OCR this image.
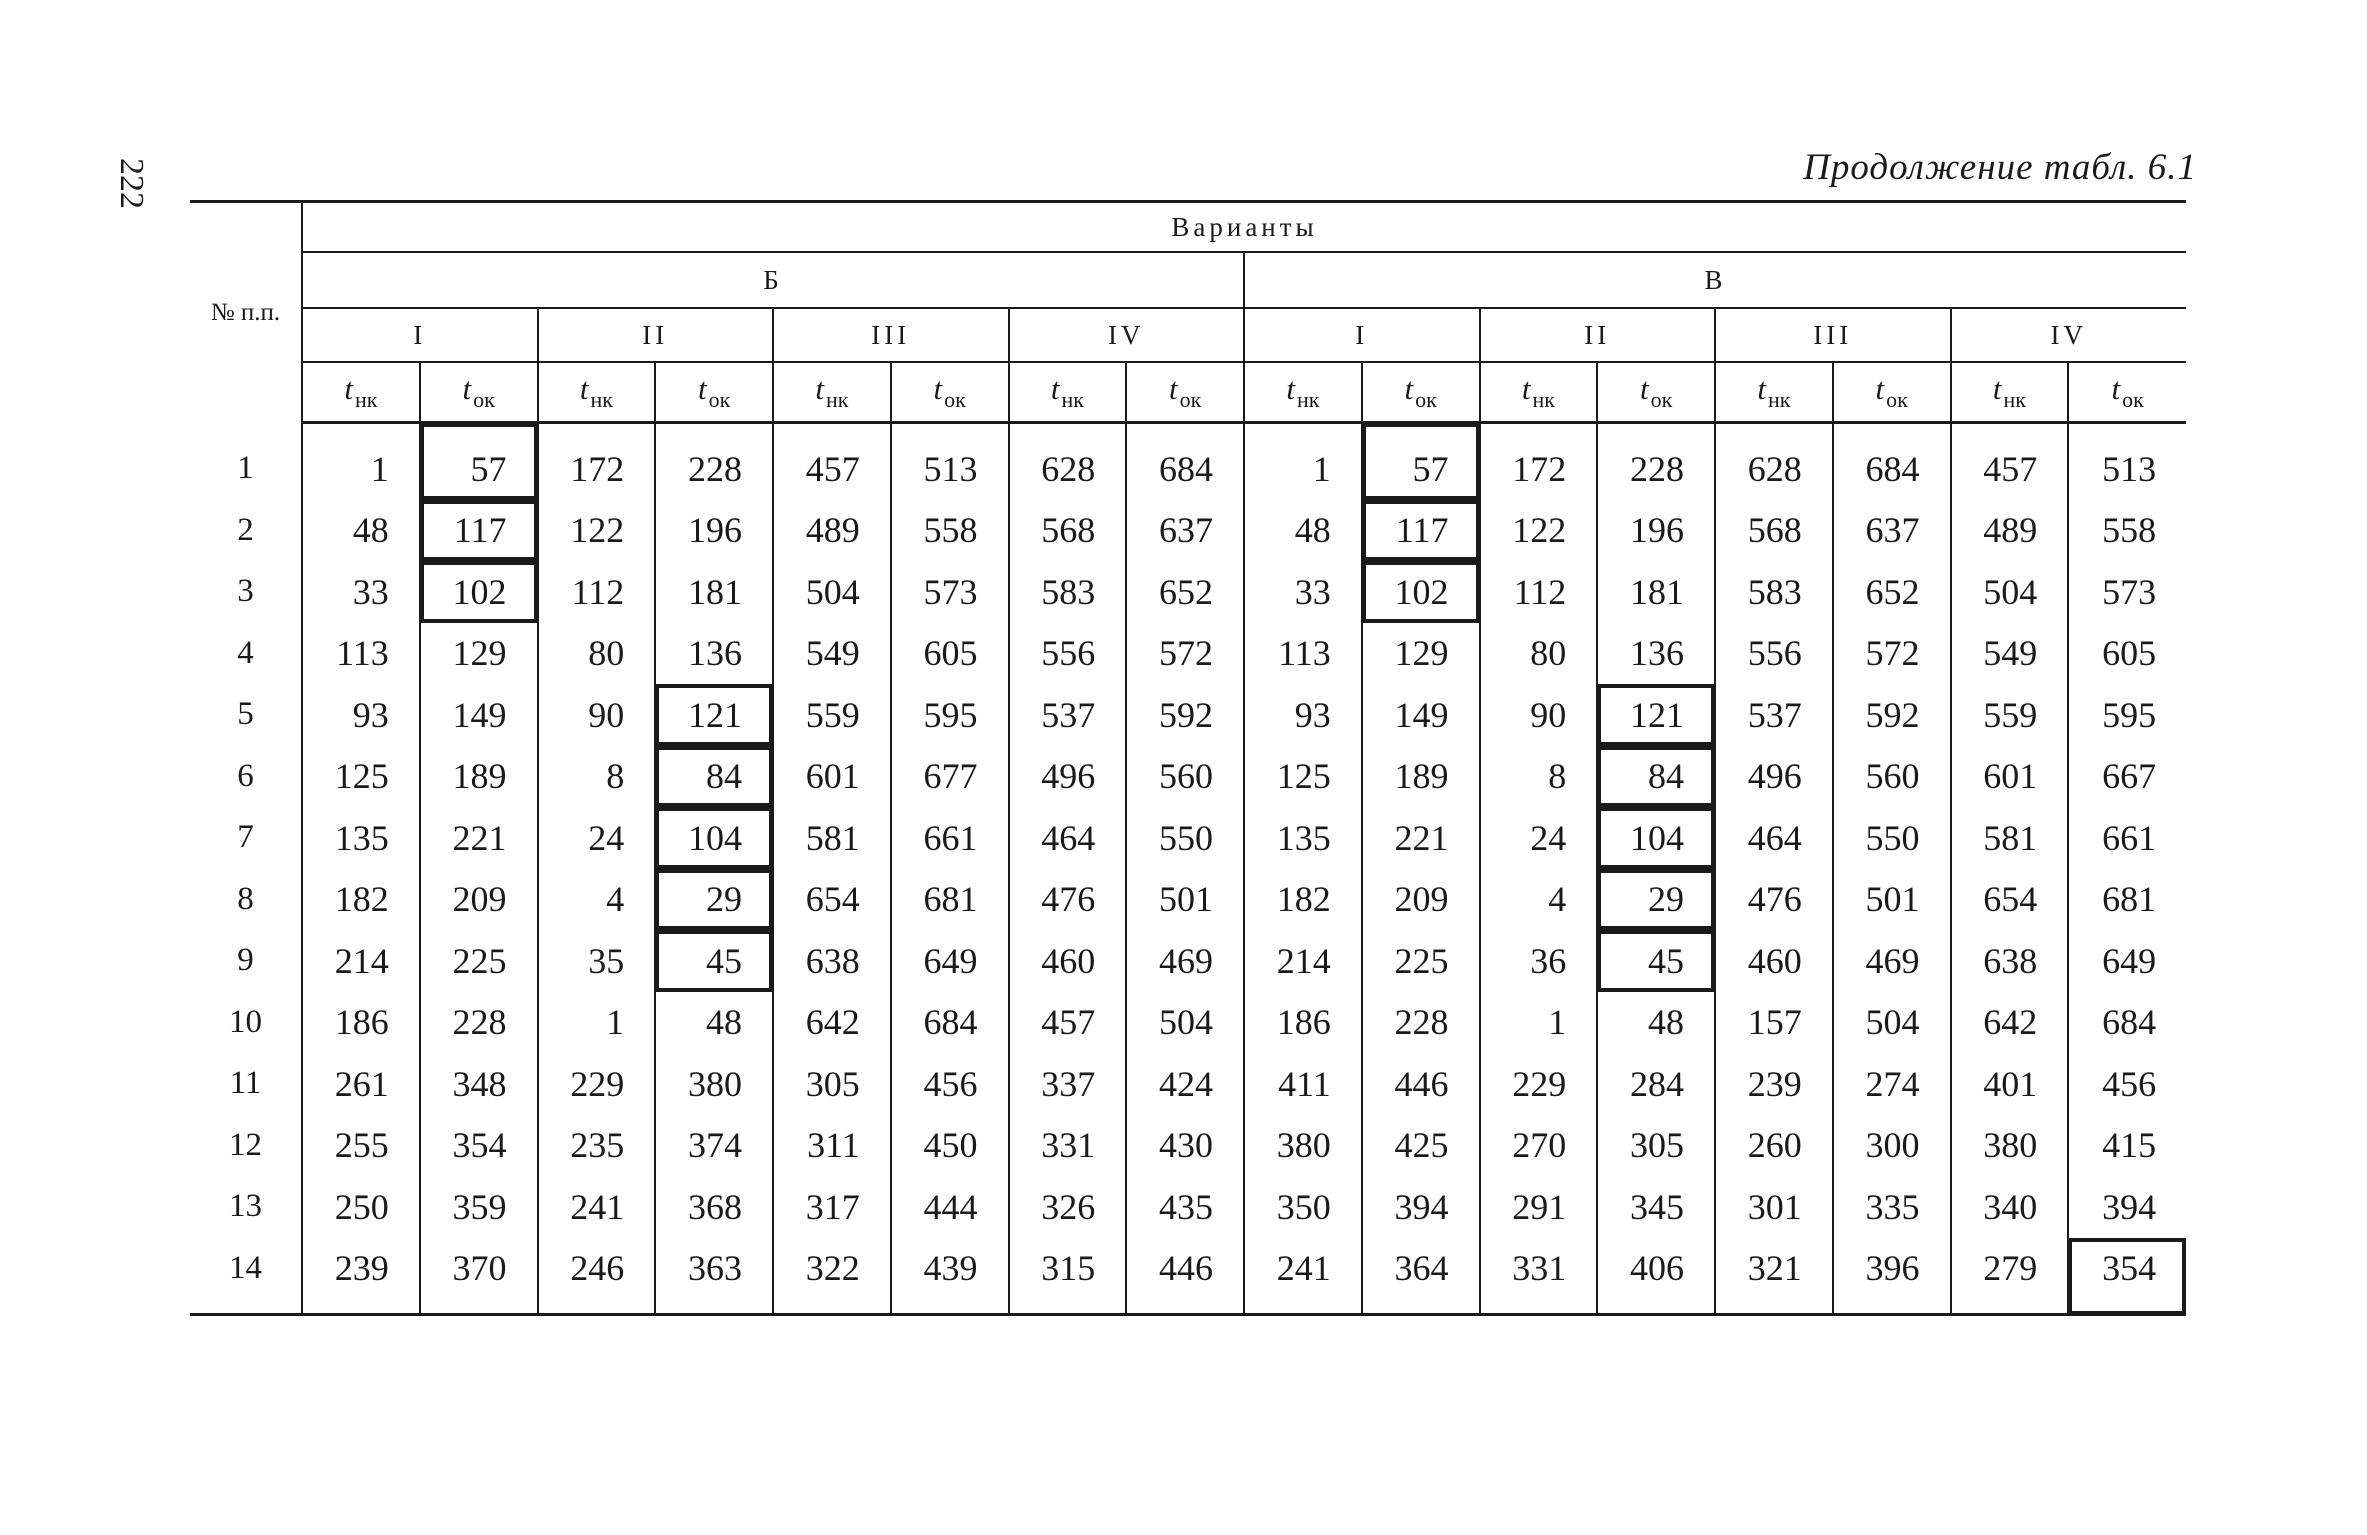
222	Продолжение табл. 6.1
№ п.п.	Варианты															
	Б								В							
	I		II		III		IV		I		II		III		IV	
	$t_{нк}$	$t_{ок}$	$t_{нк}$	$t_{ок}$	$t_{нк}$	$t_{ок}$	$t_{нк}$	$t_{ок}$	$t_{нк}$	$t_{ок}$	$t_{нк}$	$t_{ок}$	$t_{нк}$	$t_{ок}$	$t_{нк}$	$t_{ок}$
1	1	57	172	228	457	513	628	684	1	57	172	228	628	684	457	513
2	48	117	122	196	489	558	568	637	48	117	122	196	568	637	489	558
3	33	102	112	181	504	573	583	652	33	102	112	181	583	652	504	573
4	113	129	80	136	549	605	556	572	113	129	80	136	556	572	549	605
5	93	149	90	121	559	595	537	592	93	149	90	121	537	592	559	595
6	125	189	8	84	601	677	496	560	125	189	8	84	496	560	601	667
7	135	221	24	104	581	661	464	550	135	221	24	104	464	550	581	661
8	182	209	4	29	654	681	476	501	182	209	4	29	476	501	654	681
9	214	225	35	45	638	649	460	469	214	225	36	45	460	469	638	649
10	186	228	1	48	642	684	457	504	186	228	1	48	157	504	642	684
11	261	348	229	380	305	456	337	424	411	446	229	284	239	274	401	456
12	255	354	235	374	311	450	331	430	380	425	270	305	260	300	380	415
13	250	359	241	368	317	444	326	435	350	394	291	345	301	335	340	394
14	239	370	246	363	322	439	315	446	241	364	331	406	321	396	279	354
